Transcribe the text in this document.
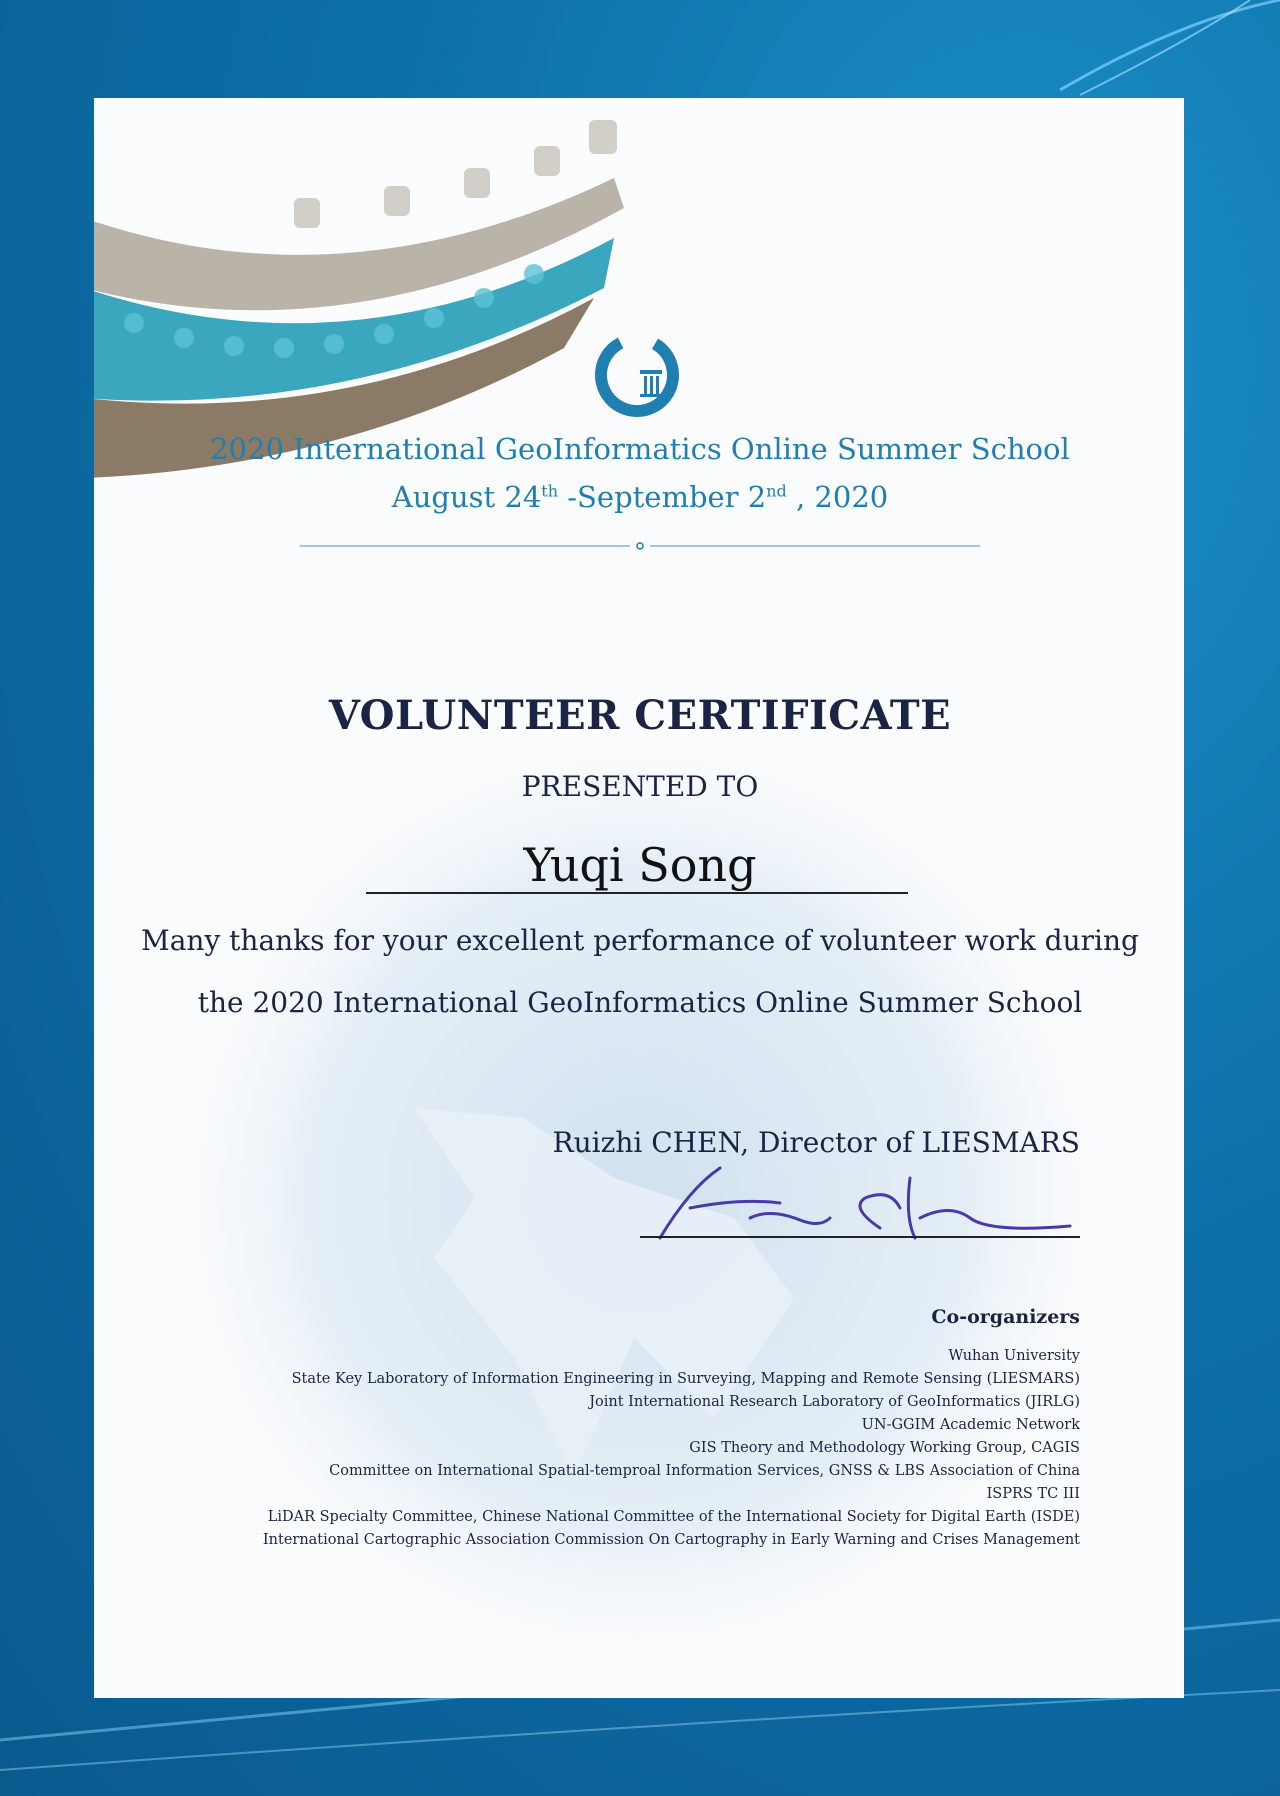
2020 International GeoInformatics Online Summer School
August 24th -September 2nd , 2020
VOLUNTEER CERTIFICATE
PRESENTED TO
Yuqi Song
Many thanks for your excellent performance of volunteer work during
the 2020 International GeoInformatics Online Summer School
Ruizhi CHEN, Director of LIESMARS
Co-organizers
Wuhan University
State Key Laboratory of Information Engineering in Surveying, Mapping and Remote Sensing (LIESMARS)
Joint International Research Laboratory of GeoInformatics (JIRLG)
UN-GGIM Academic Network
GIS Theory and Methodology Working Group, CAGIS
Committee on International Spatial-temproal Information Services, GNSS & LBS Association of China
ISPRS TC III
LiDAR Specialty Committee, Chinese National Committee of the International Society for Digital Earth (ISDE)
International Cartographic Association Commission On Cartography in Early Warning and Crises Management
